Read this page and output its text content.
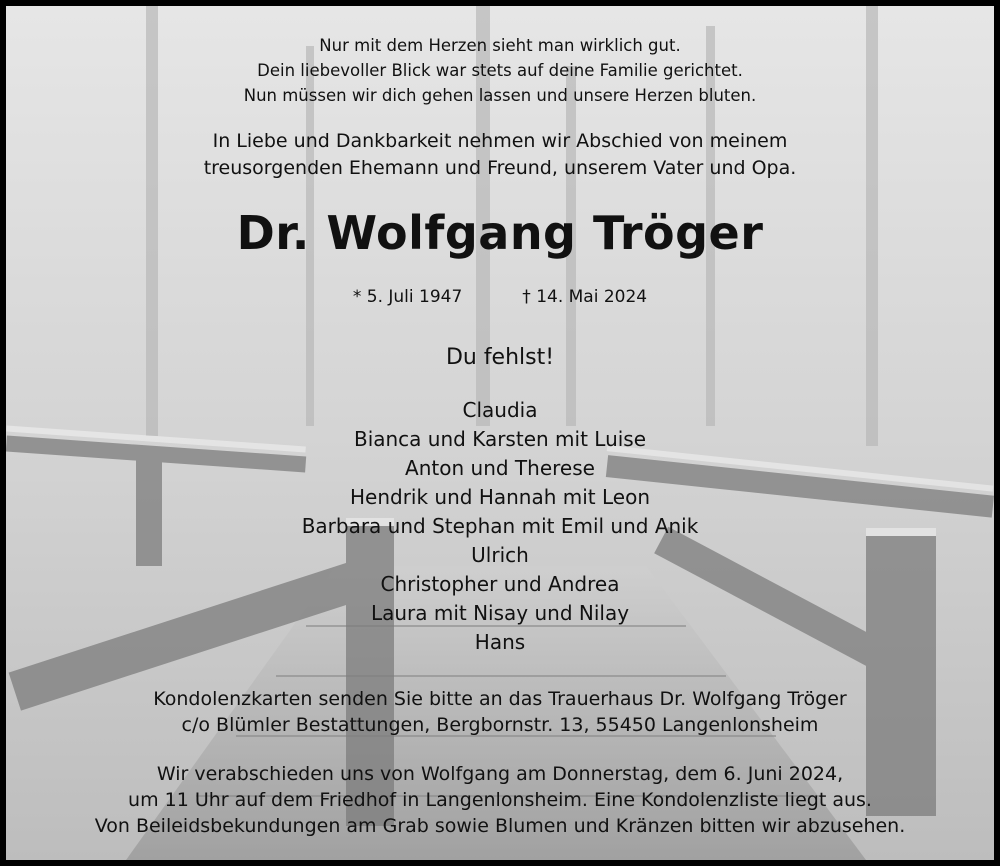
Nur mit dem Herzen sieht man wirklich gut.
Dein liebevoller Blick war stets auf deine Familie gerichtet.
Nun müssen wir dich gehen lassen und unsere Herzen bluten.
In Liebe und Dankbarkeit nehmen wir Abschied von meinem
treusorgenden Ehemann und Freund, unserem Vater und Opa.
Dr. Wolfgang Tröger
* 5. Juli 1947	† 14. Mai 2024
Du fehlst!
Claudia
Bianca und Karsten mit Luise
Anton und Therese
Hendrik und Hannah mit Leon
Barbara und Stephan mit Emil und Anik
Ulrich
Christopher und Andrea
Laura mit Nisay und Nilay
Hans
Kondolenzkarten senden Sie bitte an das Trauerhaus Dr. Wolfgang Tröger
c/o Blümler Bestattungen, Bergbornstr. 13, 55450 Langenlonsheim
Wir verabschieden uns von Wolfgang am Donnerstag, dem 6. Juni 2024,
um 11 Uhr auf dem Friedhof in Langenlonsheim. Eine Kondolenzliste liegt aus.
Von Beileidsbekundungen am Grab sowie Blumen und Kränzen bitten wir abzusehen.
